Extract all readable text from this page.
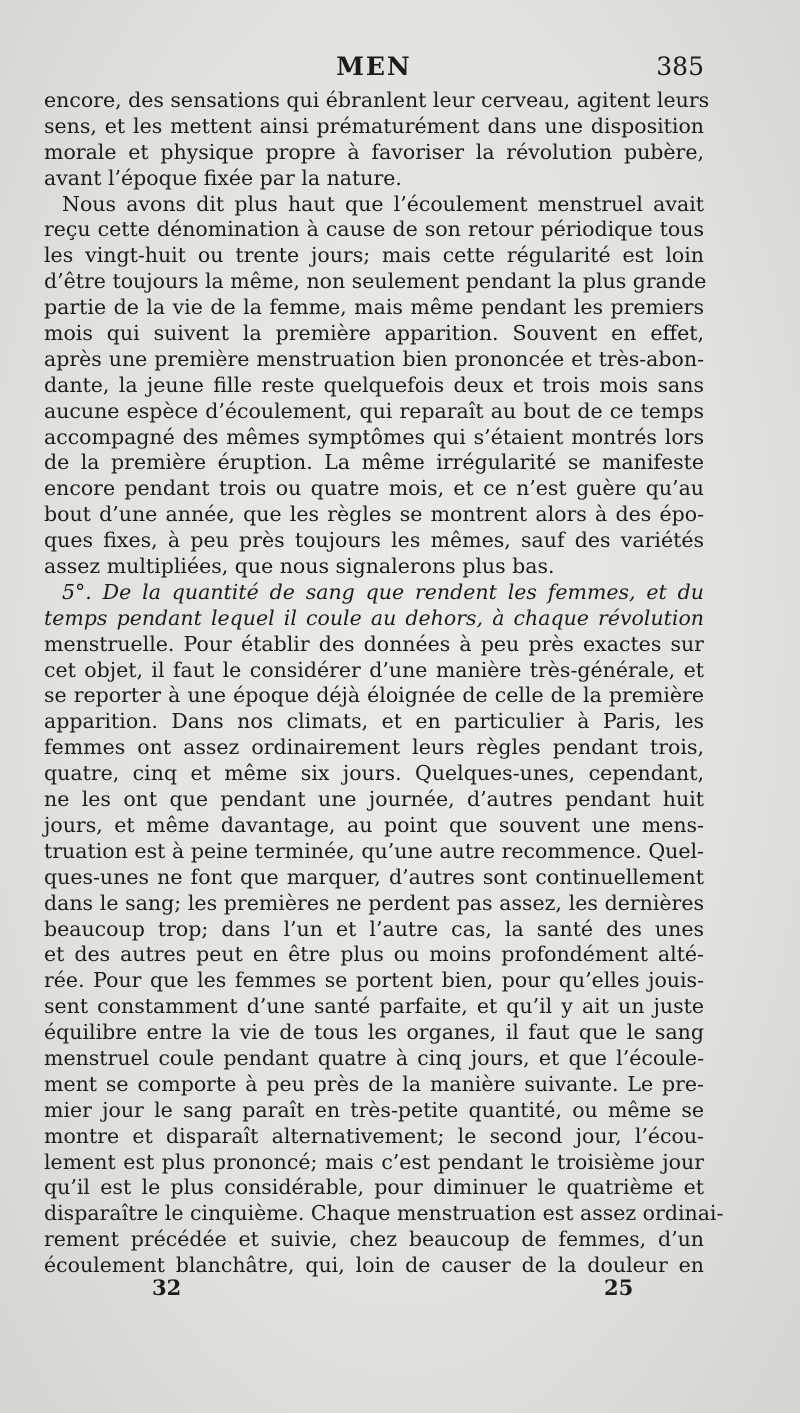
MEN	385
encore, des sensations qui ébranlent leur cerveau, agitent leurs
sens, et les mettent ainsi prématurément dans une disposition
morale et physique propre à favoriser la révolution pubère,
avant l’époque fixée par la nature.
Nous avons dit plus haut que l’écoulement menstruel avait
reçu cette dénomination à cause de son retour périodique tous
les vingt-huit ou trente jours; mais cette régularité est loin
d’être toujours la même, non seulement pendant la plus grande
partie de la vie de la femme, mais même pendant les premiers
mois qui suivent la première apparition. Souvent en effet,
après une première menstruation bien prononcée et très-abon-
dante, la jeune fille reste quelquefois deux et trois mois sans
aucune espèce d’écoulement, qui reparaît au bout de ce temps
accompagné des mêmes symptômes qui s’étaient montrés lors
de la première éruption. La même irrégularité se manifeste
encore pendant trois ou quatre mois, et ce n’est guère qu’au
bout d’une année, que les règles se montrent alors à des épo-
ques fixes, à peu près toujours les mêmes, sauf des variétés
assez multipliées, que nous signalerons plus bas.
5°. De la quantité de sang que rendent les femmes, et du
temps pendant lequel il coule au dehors, à chaque révolution
menstruelle. Pour établir des données à peu près exactes sur
cet objet, il faut le considérer d’une manière très-générale, et
se reporter à une époque déjà éloignée de celle de la première
apparition. Dans nos climats, et en particulier à Paris, les
femmes ont assez ordinairement leurs règles pendant trois,
quatre, cinq et même six jours. Quelques-unes, cependant,
ne les ont que pendant une journée, d’autres pendant huit
jours, et même davantage, au point que souvent une mens-
truation est à peine terminée, qu’une autre recommence. Quel-
ques-unes ne font que marquer, d’autres sont continuellement
dans le sang; les premières ne perdent pas assez, les dernières
beaucoup trop; dans l’un et l’autre cas, la santé des unes
et des autres peut en être plus ou moins profondément alté-
rée. Pour que les femmes se portent bien, pour qu’elles jouis-
sent constamment d’une santé parfaite, et qu’il y ait un juste
équilibre entre la vie de tous les organes, il faut que le sang
menstruel coule pendant quatre à cinq jours, et que l’écoule-
ment se comporte à peu près de la manière suivante. Le pre-
mier jour le sang paraît en très-petite quantité, ou même se
montre et disparaît alternativement; le second jour, l’écou-
lement est plus prononcé; mais c’est pendant le troisième jour
qu’il est le plus considérable, pour diminuer le quatrième et
disparaître le cinquième. Chaque menstruation est assez ordinai-
rement précédée et suivie, chez beaucoup de femmes, d’un
écoulement blanchâtre, qui, loin de causer de la douleur en
32	25
